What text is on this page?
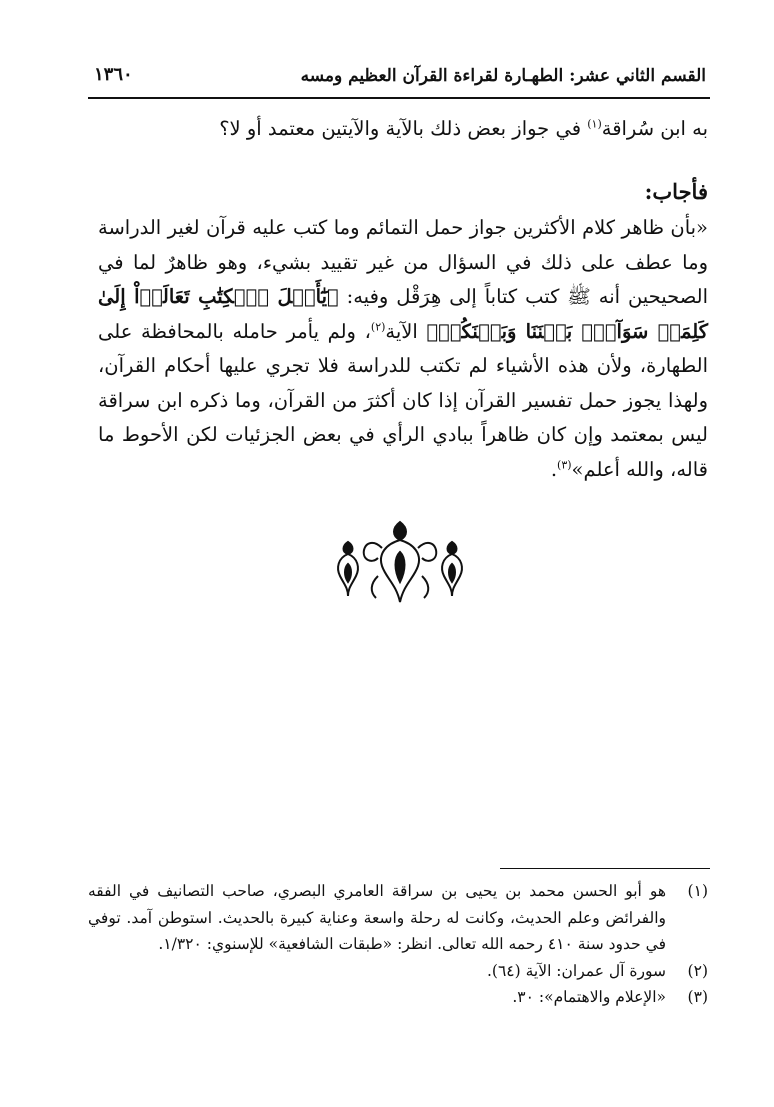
القسم الثاني عشر: الطهـارة لقراءة القرآن العظيم ومسه
١٣٦٠

به ابن سُراقة$^{(١)}$ في جواز بعض ذلك بالآية والآيتين معتمد أو لا؟

فأجاب:

«بأن ظاهر كلام الأكثرين جواز حمل التمائم وما كتب عليه قرآن لغير الدراسة وما عطف على ذلك في السؤال من غير تقييد بشيء، وهو ظاهرٌ لما في الصحيحين أنه ﷺ كتب كتاباً إلى هِرَقْل وفيه: ﴿يَٰٓأَهۡلَ ٱلۡكِتَٰبِ تَعَالَوۡاْ إِلَىٰ كَلِمَةٖ سَوَآءِۭ بَيۡنَنَا وَبَيۡنَكُمۡ﴾ الآية$^{(٢)}$، ولم يأمر حامله بالمحافظة على الطهارة، ولأن هذه الأشياء لم تكتب للدراسة فلا تجري عليها أحكام القرآن، ولهذا يجوز حمل تفسير القرآن إذا كان أكثرَ من القرآن، وما ذكره ابن سراقة ليس بمعتمد وإن كان ظاهراً ببادي الرأي في بعض الجزئيات لكن الأحوط ما قاله، والله أعلم»$^{(٣)}$.

(١)
هو أبو الحسن محمد بن يحيى بن سراقة العامري البصري، صاحب التصانيف في الفقه والفرائض وعلم الحديث، وكانت له رحلة واسعة وعناية كبيرة بالحديث. استوطن آمد. توفي في حدود سنة ٤١٠ رحمه الله تعالى. انظر: «طبقات الشافعية» للإسنوي: ١/٣٢٠.
(٢)
سورة آل عمران: الآية (٦٤).
(٣)
«الإعلام والاهتمام»: ٣٠.
